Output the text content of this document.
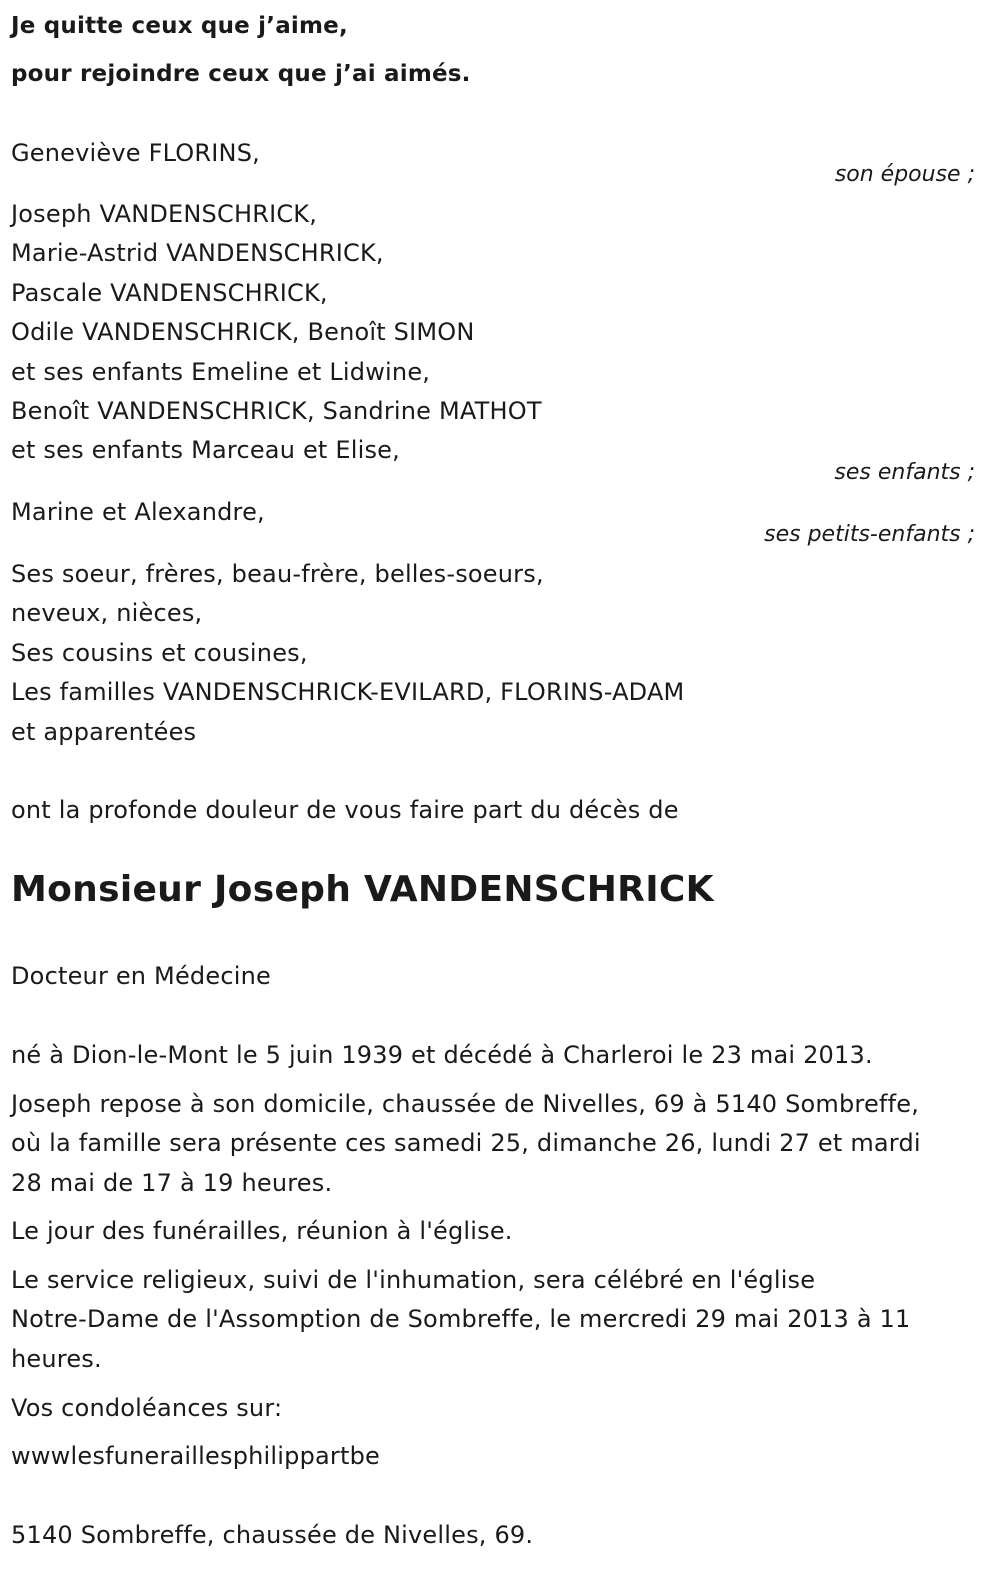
Je quitte ceux que j’aime,
pour rejoindre ceux que j’ai aimés.
Geneviève FLORINS,
son épouse ;
Joseph VANDENSCHRICK,
Marie-Astrid VANDENSCHRICK,
Pascale VANDENSCHRICK,
Odile VANDENSCHRICK, Benoît SIMON
et ses enfants Emeline et Lidwine,
Benoît VANDENSCHRICK, Sandrine MATHOT
et ses enfants Marceau et Elise,
ses enfants ;
Marine et Alexandre,
ses petits-enfants ;
Ses soeur, frères, beau-frère, belles-soeurs,
neveux, nièces,
Ses cousins et cousines,
Les familles VANDENSCHRICK-EVILARD, FLORINS-ADAM
et apparentées
ont la profonde douleur de vous faire part du décès de
Monsieur Joseph VANDENSCHRICK
Docteur en Médecine
né à Dion-le-Mont le 5 juin 1939 et décédé à Charleroi le 23 mai 2013.
Joseph repose à son domicile, chaussée de Nivelles, 69 à 5140 Sombreffe,
où la famille sera présente ces samedi 25, dimanche 26, lundi 27 et mardi
28 mai de 17 à 19 heures.
Le jour des funérailles, réunion à l'église.
Le service religieux, suivi de l'inhumation, sera célébré en l'église
Notre-Dame de l'Assomption de Sombreffe, le mercredi 29 mai 2013 à 11
heures.
Vos condoléances sur:
wwwlesfuneraillesphilippartbe
5140 Sombreffe, chaussée de Nivelles, 69.
